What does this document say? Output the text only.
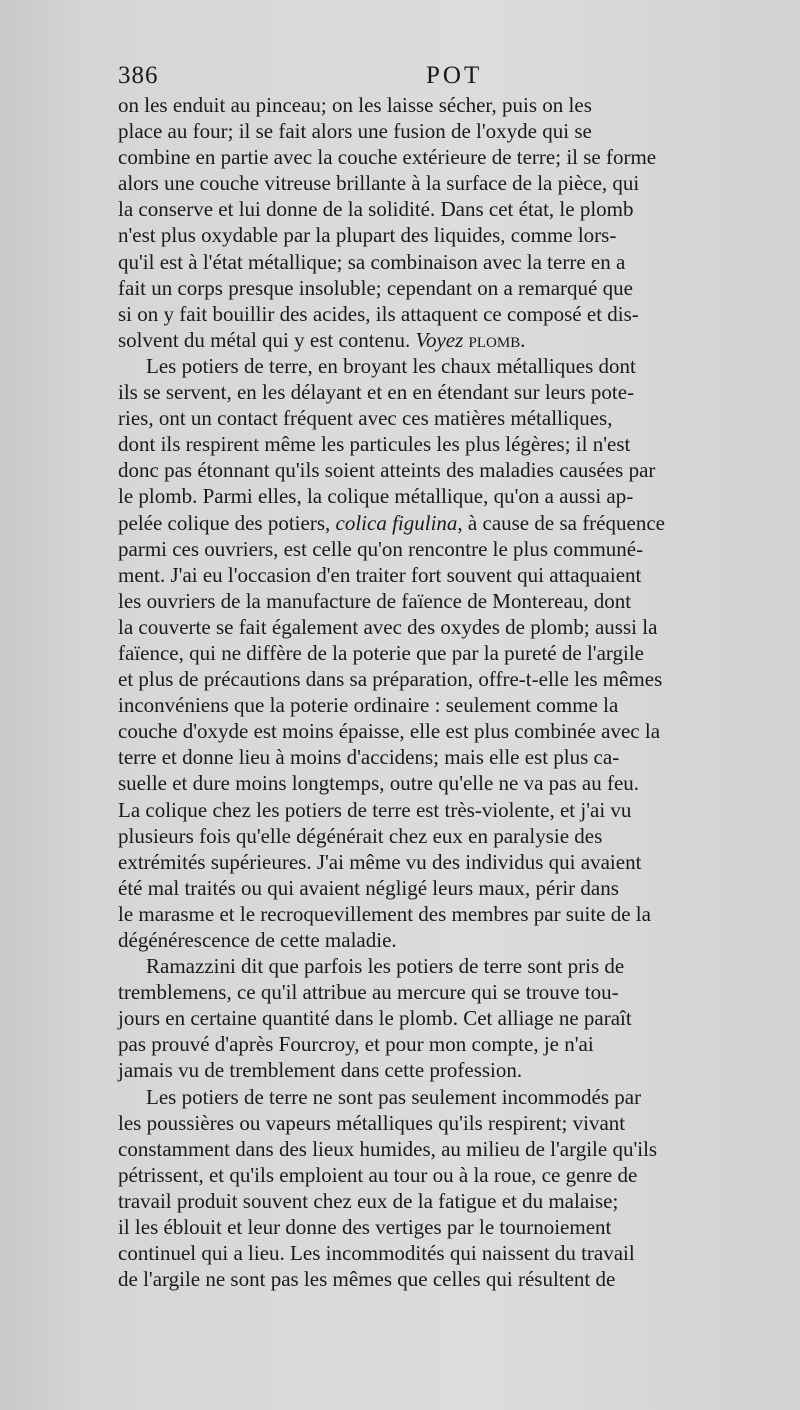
386	POT
on les enduit au pinceau; on les laisse sécher, puis on les
place au four; il se fait alors une fusion de l'oxyde qui se
combine en partie avec la couche extérieure de terre; il se forme
alors une couche vitreuse brillante à la surface de la pièce, qui
la conserve et lui donne de la solidité. Dans cet état, le plomb
n'est plus oxydable par la plupart des liquides, comme lors-
qu'il est à l'état métallique; sa combinaison avec la terre en a
fait un corps presque insoluble; cependant on a remarqué que
si on y fait bouillir des acides, ils attaquent ce composé et dis-
solvent du métal qui y est contenu. Voyez plomb.
Les potiers de terre, en broyant les chaux métalliques dont
ils se servent, en les délayant et en en étendant sur leurs pote-
ries, ont un contact fréquent avec ces matières métalliques,
dont ils respirent même les particules les plus légères; il n'est
donc pas étonnant qu'ils soient atteints des maladies causées par
le plomb. Parmi elles, la colique métallique, qu'on a aussi ap-
pelée colique des potiers, colica figulina, à cause de sa fréquence
parmi ces ouvriers, est celle qu'on rencontre le plus communé-
ment. J'ai eu l'occasion d'en traiter fort souvent qui attaquaient
les ouvriers de la manufacture de faïence de Montereau, dont
la couverte se fait également avec des oxydes de plomb; aussi la
faïence, qui ne diffère de la poterie que par la pureté de l'argile
et plus de précautions dans sa préparation, offre-t-elle les mêmes
inconvéniens que la poterie ordinaire : seulement comme la
couche d'oxyde est moins épaisse, elle est plus combinée avec la
terre et donne lieu à moins d'accidens; mais elle est plus ca-
suelle et dure moins longtemps, outre qu'elle ne va pas au feu.
La colique chez les potiers de terre est très-violente, et j'ai vu
plusieurs fois qu'elle dégénérait chez eux en paralysie des
extrémités supérieures. J'ai même vu des individus qui avaient
été mal traités ou qui avaient négligé leurs maux, périr dans
le marasme et le recroquevillement des membres par suite de la
dégénérescence de cette maladie.
Ramazzini dit que parfois les potiers de terre sont pris de
tremblemens, ce qu'il attribue au mercure qui se trouve tou-
jours en certaine quantité dans le plomb. Cet alliage ne paraît
pas prouvé d'après Fourcroy, et pour mon compte, je n'ai
jamais vu de tremblement dans cette profession.
Les potiers de terre ne sont pas seulement incommodés par
les poussières ou vapeurs métalliques qu'ils respirent; vivant
constamment dans des lieux humides, au milieu de l'argile qu'ils
pétrissent, et qu'ils emploient au tour ou à la roue, ce genre de
travail produit souvent chez eux de la fatigue et du malaise;
il les éblouit et leur donne des vertiges par le tournoiement
continuel qui a lieu. Les incommodités qui naissent du travail
de l'argile ne sont pas les mêmes que celles qui résultent de
